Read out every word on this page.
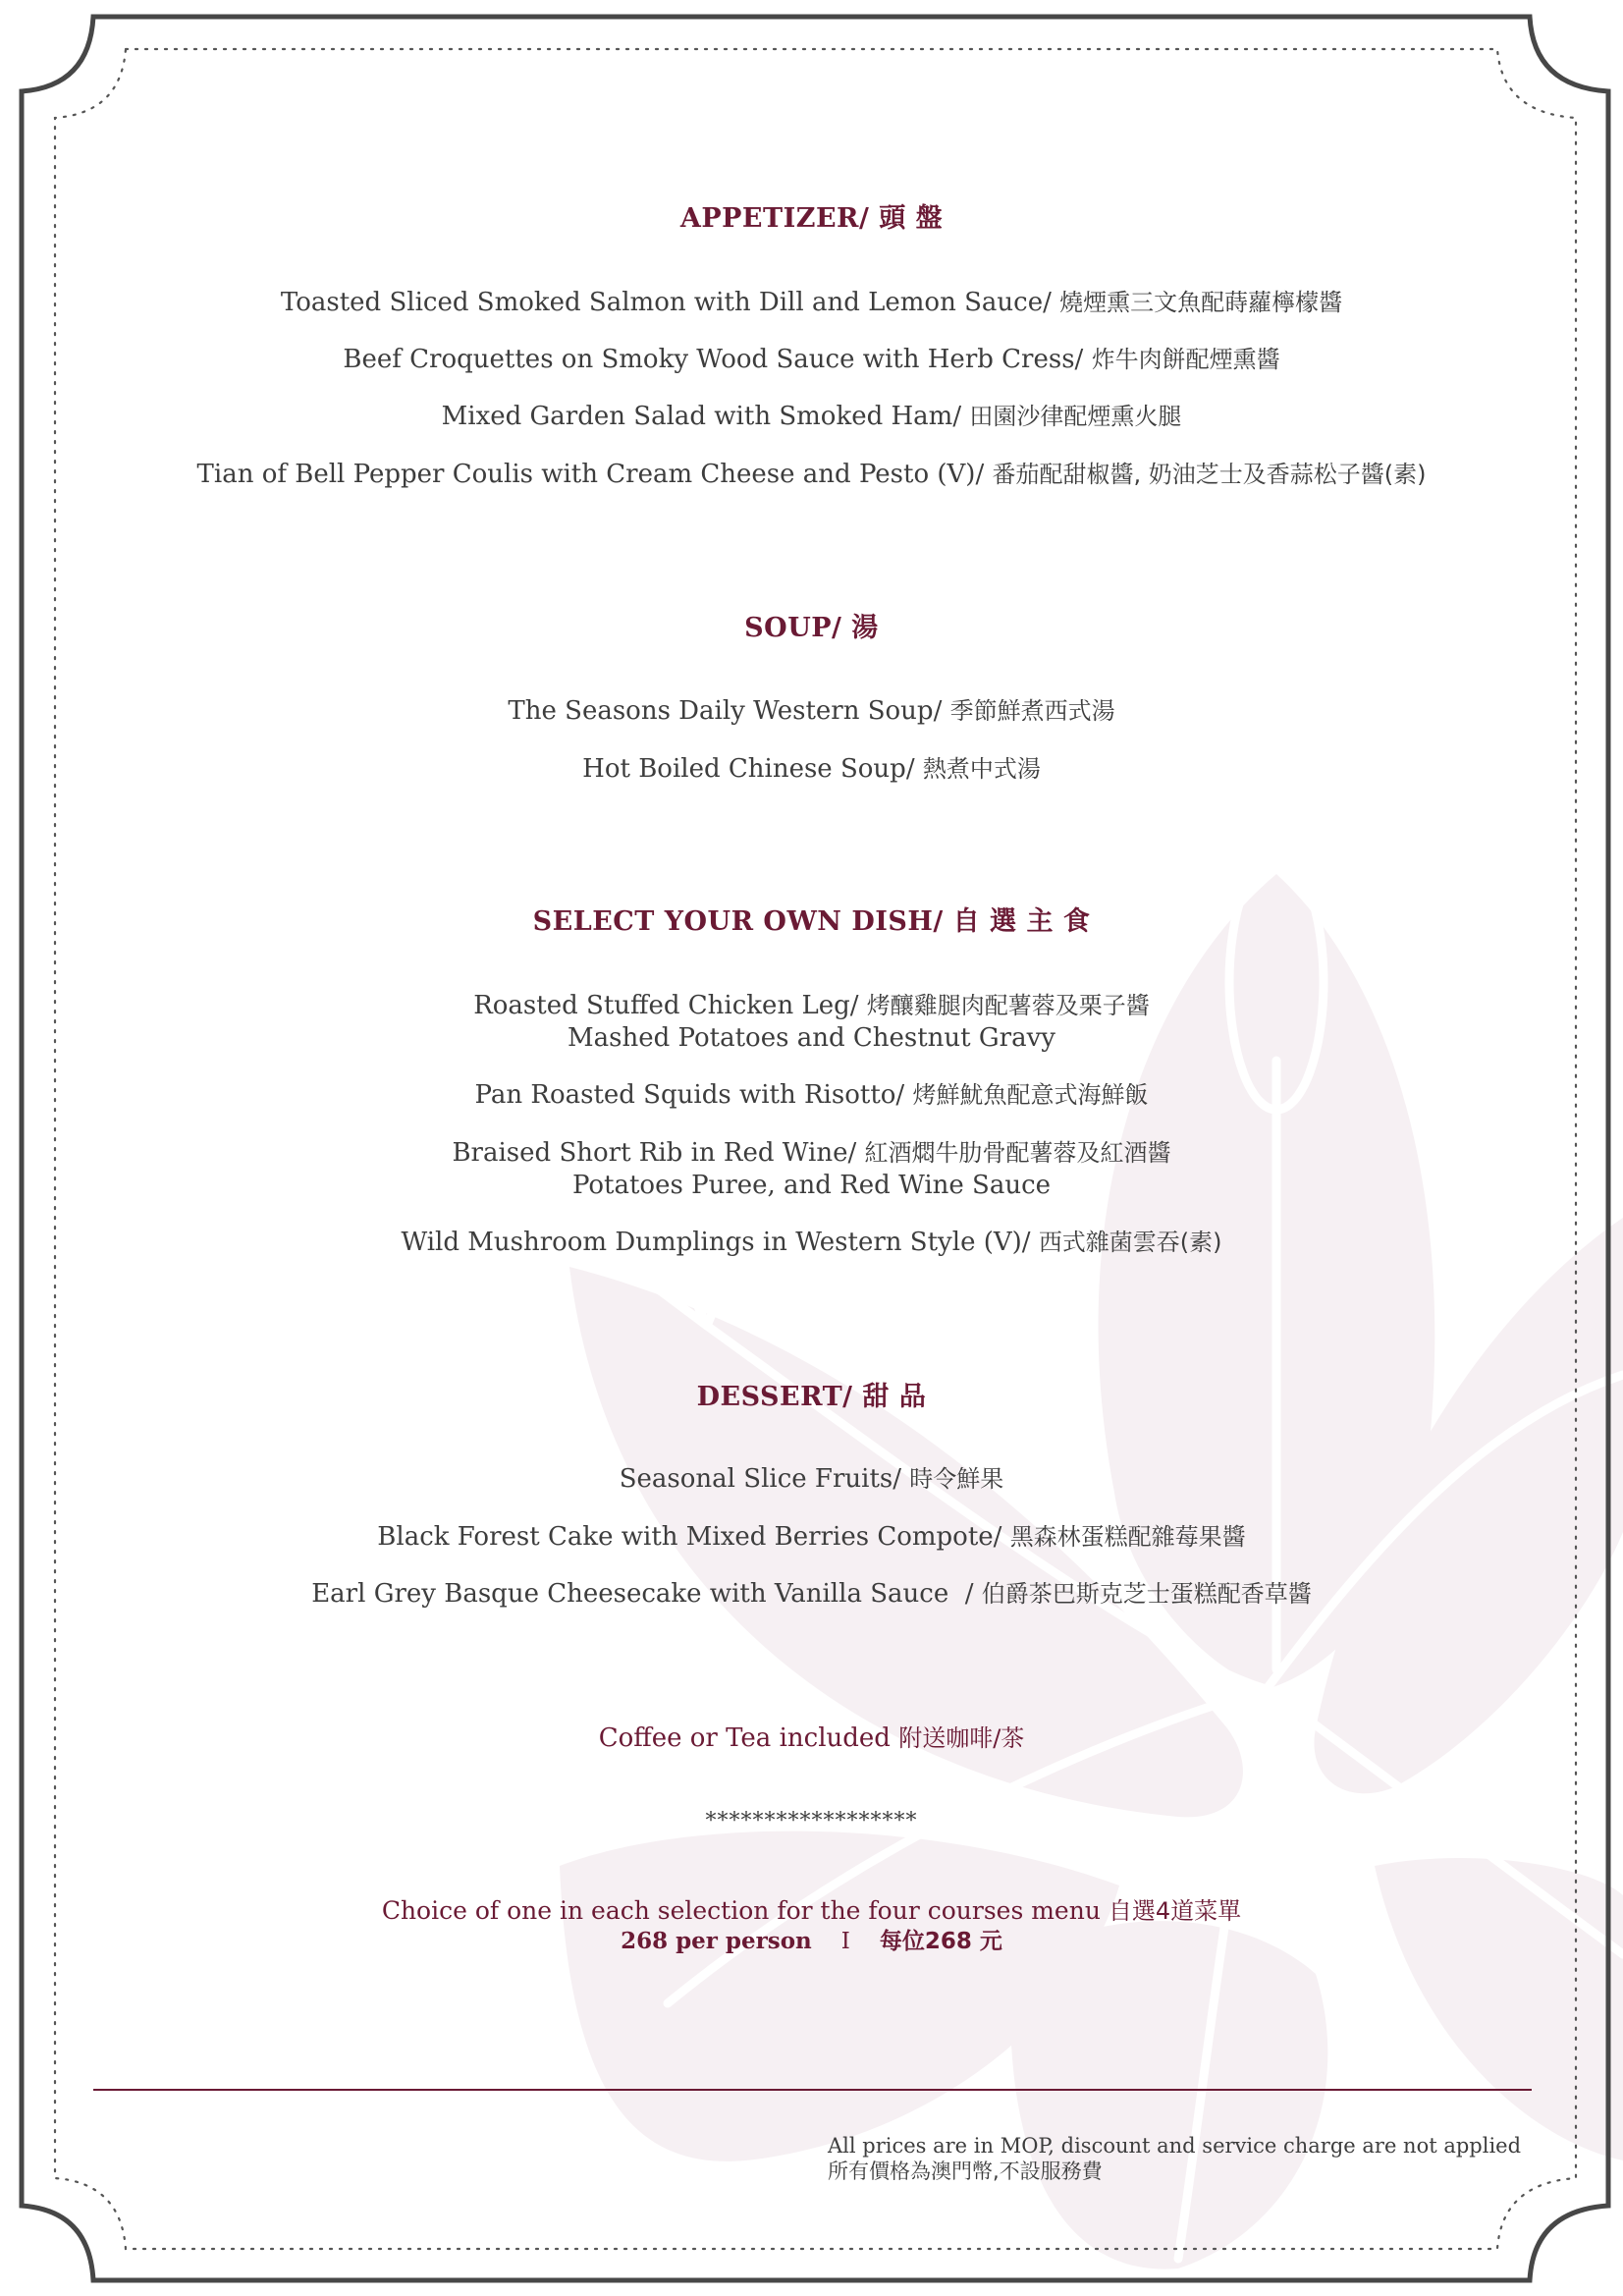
APPETIZER/ 頭 盤
Toasted Sliced Smoked Salmon with Dill and Lemon Sauce/ 燒煙熏三文魚配蒔蘿檸檬醬
Beef Croquettes on Smoky Wood Sauce with Herb Cress/ 炸牛肉餅配煙熏醬
Mixed Garden Salad with Smoked Ham/ 田園沙律配煙熏火腿
Tian of Bell Pepper Coulis with Cream Cheese and Pesto (V)/ 番茄配甜椒醬, 奶油芝士及香蒜松子醬(素)
SOUP/ 湯
The Seasons Daily Western Soup/ 季節鮮煮西式湯
Hot Boiled Chinese Soup/ 熱煮中式湯
SELECT YOUR OWN DISH/ 自 選 主 食
Roasted Stuffed Chicken Leg/ 烤釀雞腿肉配薯蓉及栗子醬
Mashed Potatoes and Chestnut Gravy
Pan Roasted Squids with Risotto/ 烤鮮魷魚配意式海鮮飯
Braised Short Rib in Red Wine/ 紅酒燜牛肋骨配薯蓉及紅酒醬
Potatoes Puree, and Red Wine Sauce
Wild Mushroom Dumplings in Western Style (V)/ 西式雜菌雲吞(素)
DESSERT/ 甜 品
Seasonal Slice Fruits/ 時令鮮果
Black Forest Cake with Mixed Berries Compote/ 黑森林蛋糕配雜莓果醬
Earl Grey Basque Cheesecake with Vanilla Sauce  / 伯爵茶巴斯克芝士蛋糕配香草醬
Coffee or Tea included 附送咖啡/茶
******************
Choice of one in each selection for the four courses menu 自選4道菜單
268 per person I 每位268 元
All prices are in MOP, discount and service charge are not applied
所有價格為澳門幣,不設服務費
